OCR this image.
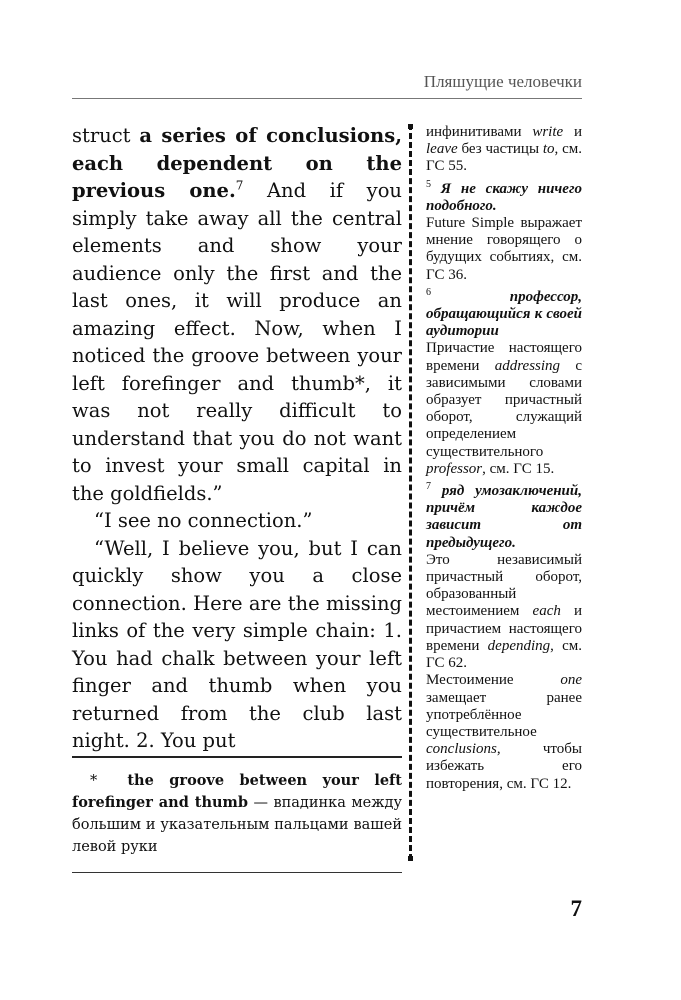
Пляшущие человечки

struct a series of conclusions, each dependent on the previous one.$^7$ And if you simply take away all the central elements and show your audience only the first and the last ones, it will produce an amazing effect. Now, when I noticed the groove between your left forefinger and thumb*, it was not really difficult to understand that you do not want to invest your small capital in the goldfields.”

“I see no connection.”

“Well, I believe you, but I can quickly show you a close connection. Here are the missing links of the very simple chain: 1. You had chalk between your left finger and thumb when you returned from the club last night. 2. You put

* the groove between your left forefinger and thumb — впадинка между большим и указательным пальцами вашей левой руки

инфинитивами write и leave без частицы to, см. ГС 55.

$^5$ Я не скажу ничего подобного.

Future Simple выражает мнение говорящего о будущих событиях, см. ГС 36.

$^6$	профессор, обращающийся к своей аудитории

Причастие настоящего времени addressing с зависимыми словами образует причастный оборот, служащий определением существительного professor, см. ГС 15.

$^7$ ряд умозаключений, причём каждое зависит от предыдущего.

Это независимый причастный оборот, образованный местоимением each и причастием настоящего времени depending, см. ГС 62.

Местоимение one замещает ранее употреблённое существительное conclusions, чтобы избежать его повторения, см. ГС 12.

7
